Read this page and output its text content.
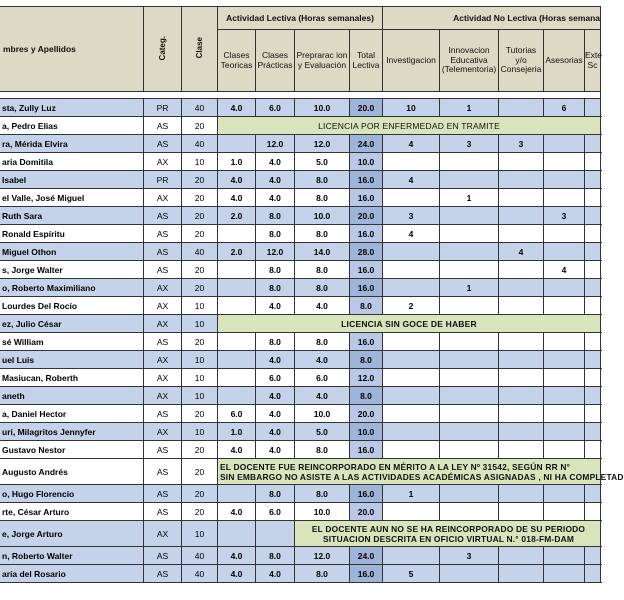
mbres y Apellidos	Categ.	Clase	Actividad Lectiva (Horas semanales)				Actividad No Lectiva (Horas semana				
			Clases Teoricas	Clases Prácticas	Preprarac ion y Evaluación	Total Lectiva	Investigacion	Innovacion Educativa (Telementoria)	Tutorias y/o Consejeria	Asesorias	Exte Sc

sta, Zully Luz	PR	40	4.0	6.0	10.0	20.0	10	1		6	
a, Pedro Elias	AS	20	LICENCIA POR ENFERMEDAD EN TRAMITE								
ra, Mérida Elvira	AS	40		12.0	12.0	24.0	4	3	3		
aria Domitila	AX	10	1.0	4.0	5.0	10.0					
Isabel	PR	20	4.0	4.0	8.0	16.0	4				
el Valle, José Miguel	AX	20	4.0	4.0	8.0	16.0		1			
Ruth Sara	AS	20	2.0	8.0	10.0	20.0	3			3	
Ronald Espíritu	AS	20		8.0	8.0	16.0	4				
Miguel Othon	AS	40	2.0	12.0	14.0	28.0			4		
s, Jorge Walter	AS	20		8.0	8.0	16.0				4	
o, Roberto Maximiliano	AX	20		8.0	8.0	16.0		1			
Lourdes Del Rocío	AX	10		4.0	4.0	8.0	2				
ez, Julio César	AX	10	LICENCIA SIN GOCE DE HABER								
sé William	AS	20		8.0	8.0	16.0					
uel Luis	AX	10		4.0	4.0	8.0					
Masiucan, Roberth	AX	10		6.0	6.0	12.0					
aneth	AX	10		4.0	4.0	8.0					
a, Daniel Hector	AS	20	6.0	4.0	10.0	20.0					
uri, Milagritos Jennyfer	AX	10	1.0	4.0	5.0	10.0					
Gustavo Nestor	AS	20	4.0	4.0	8.0	16.0					
Augusto Andrés	AS	20	EL DOCENTE FUE REINCORPORADO EN MÉRITO A LA LEY Nº 31542, SEGÚN RR N°
SIN EMBARGO NO ASISTE A LAS ACTIVIDADES ACADÉMICAS ASIGNADAS , NI HA COMPLETAD								

o, Hugo Florencio	AS	20		8.0	8.0	16.0	1				
rte, César Arturo	AS	20	4.0	6.0	10.0	20.0					
e, Jorge Arturo	AX	10			EL DOCENTE AUN NO SE HA REINCORPORADO DE SU PERIODO
SITUACION DESCRITA EN OFICIO VIRTUAL N.° 018-FM-DAM						

n, Roberto Walter	AS	40	4.0	8.0	12.0	24.0		3			
aría del Rosario	AS	40	4.0	4.0	8.0	16.0	5				
